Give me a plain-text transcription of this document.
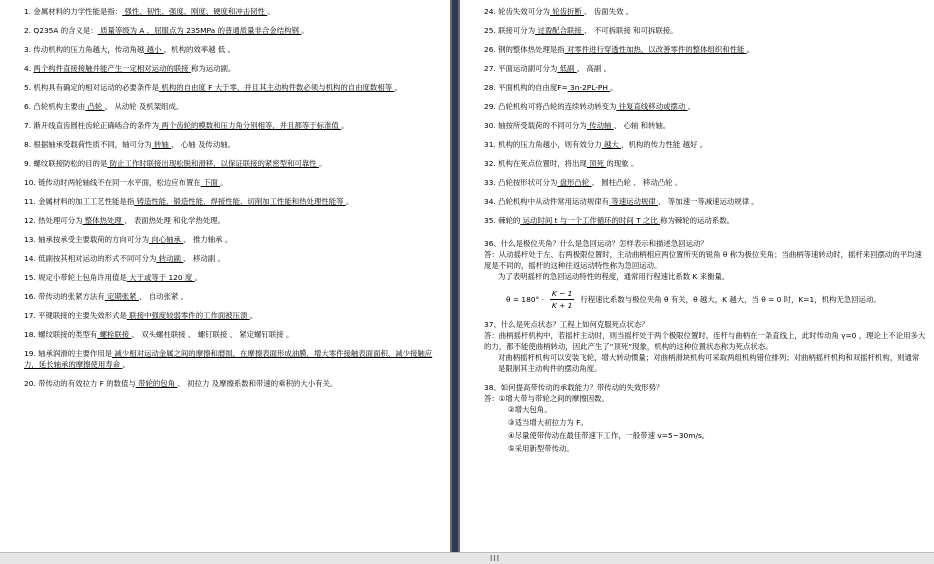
1. 金属材料的力学性能是指： 强性、韧性、强度、刚度、硬度和冲击韧性 。
2. Q235A 的含义是： 质量等级为 A ，屈服点为 235MPa 的普通质量非合金结构钢 。
3. 传动机构的压力角越大，传动角越 越小 ，机构的效率越 低 。
4. 两个构件直接接触并能产生一定相对运动的联接 称为运动副。
5. 机构具有确定的相对运动的必要条件是 机构的自由度 F 大于零，并且其主动构件数必须与机构的自由度数相等 。
6. 凸轮机构主要由 凸轮 、 从动轮 及机架组成。
7. 渐开线直齿圆柱齿轮正确啮合的条件为 两个齿轮的模数和压力角分别相等，并且都等于标准值 。
8. 根据轴承受载荷性质不同，轴可分为 转轴 、 心轴 及传动轴。
9. 螺纹联接防松的目的是 防止工作时联接出现松脱和滑移，以保证联接的紧密型和可靠性 。
10. 链传动时两轮轴线不在同一水平面，松边应布置在 下面 。
11. 金属材料的加工工艺性能是指 铸造性能、锻造性能、焊接性能、切削加工性能和热处理性能等 。
12. 热处理可分为 整体热处理 、 表面热处理 和化学热处理。
13. 轴承按承受主要载荷的方向可分为 向心轴承 、 推力轴承 。
14. 低副按其相对运动的形式不同可分为 转动副 、 移动副 。
15. 规定小带轮上包角许用值是 大于或等于 120 度 。
16. 带传动的张紧方法有 定期张紧 、 自动张紧 。
17. 平键联接的主要失效形式是 联接中强度较弱零件的工作面被压溃 。
18. 螺纹联接的类型有 螺栓联接 、 双头螺柱联接 、 螺钉联接 、 紧定螺钉联接 。
19. 轴承润滑的主要作用是 减少相对运动金属之间的摩擦和磨损，在摩擦表面形成油膜，增大零件接触表面面积，减少接触应力，延长轴承的摩擦使用寿命 。
20. 带传动的有效拉力 F 的数值与 带轮的包角 、 初拉力 及摩擦系数和带速的乘积的大小有关。
24. 轮齿失效可分为 轮齿折断 、 齿面失效 。
25. 联接可分为 过盈配合联接 、 不可拆联接 和可拆联接。
26. 钢的整体热处理是指 对零件进行穿透性加热，以改善零件的整体组织和性能 。
27. 平面运动副可分为 低副 、 高副 。
28. 平面机构的自由度F= 3n-2PL-PH 。
29. 凸轮机构可将凸轮的连续转动转变为 往复直线移动或摆动 。
30. 轴按所受载荷的不同可分为 传动轴 、 心轴 和转轴。
31. 机构的压力角越小，则有效分力 越大 ，机构的传力性能 越好 。
32. 机构在死点位置时，将出现 顶死 的现象 。
33. 凸轮按形状可分为 盘形凸轮 、 圆柱凸轮 、 移动凸轮 。
34. 凸轮机构中从动件常用运动规律有 等速运动规律 、 等加速一等减速运动规律 。
35. 棘轮的 运动时间 t 与一个工作循环的时间 T 之比 称为棘轮的运动系数。
36、什么是极位夹角？什么是急回运动？怎样表示和描述急回运动？
答：从动摇杆处于左、右两极限位置时，主动曲柄相应两位置所夹的锐角 θ 称为极位夹角；当曲柄等速转动时，摇杆来回摆动的平均速度是不同的，摇杆的这种往返运动特性称为急回运动。
为了表明摇杆的急回运动特性的程度，通常用行程速比系数 K 来衡量。
$\theta = 180^\circ \cdot \frac{K - 1}{K + 1}$ 行程速比系数与极位夹角 θ 有关，θ 越大，K 越大，当 θ = 0 时，K=1，机构无急回运动。
37、什么是死点状态？工程上如何克服死点状态？
答：曲柄摇杆机构中，若摇杆主动时，则当摇杆处于两个极限位置时，连杆与曲柄在一条直线上，此时传动角 γ=0 ，理论上不论用多大的力，都不能使曲柄转动，因此产生了“顶死”现象，机构的这种位置状态称为死点状态。
对曲柄摇杆机构可以安装飞轮，增大转动惯量；对曲柄滑块机构可采取两组机构错位排列；对曲柄摇杆机构和双摇杆机构，则通常是限制其主动构件的摆动角度。
38、如何提高带传动的承载能力？带传动的失效形势？
答：①增大带与带轮之间的摩擦因数。
②增大包角。
③适当增大初拉力为 F。
④尽量使带传动在最佳带速下工作，一般带速 v=5~30m/s。
⑤采用新型带传动。
III
